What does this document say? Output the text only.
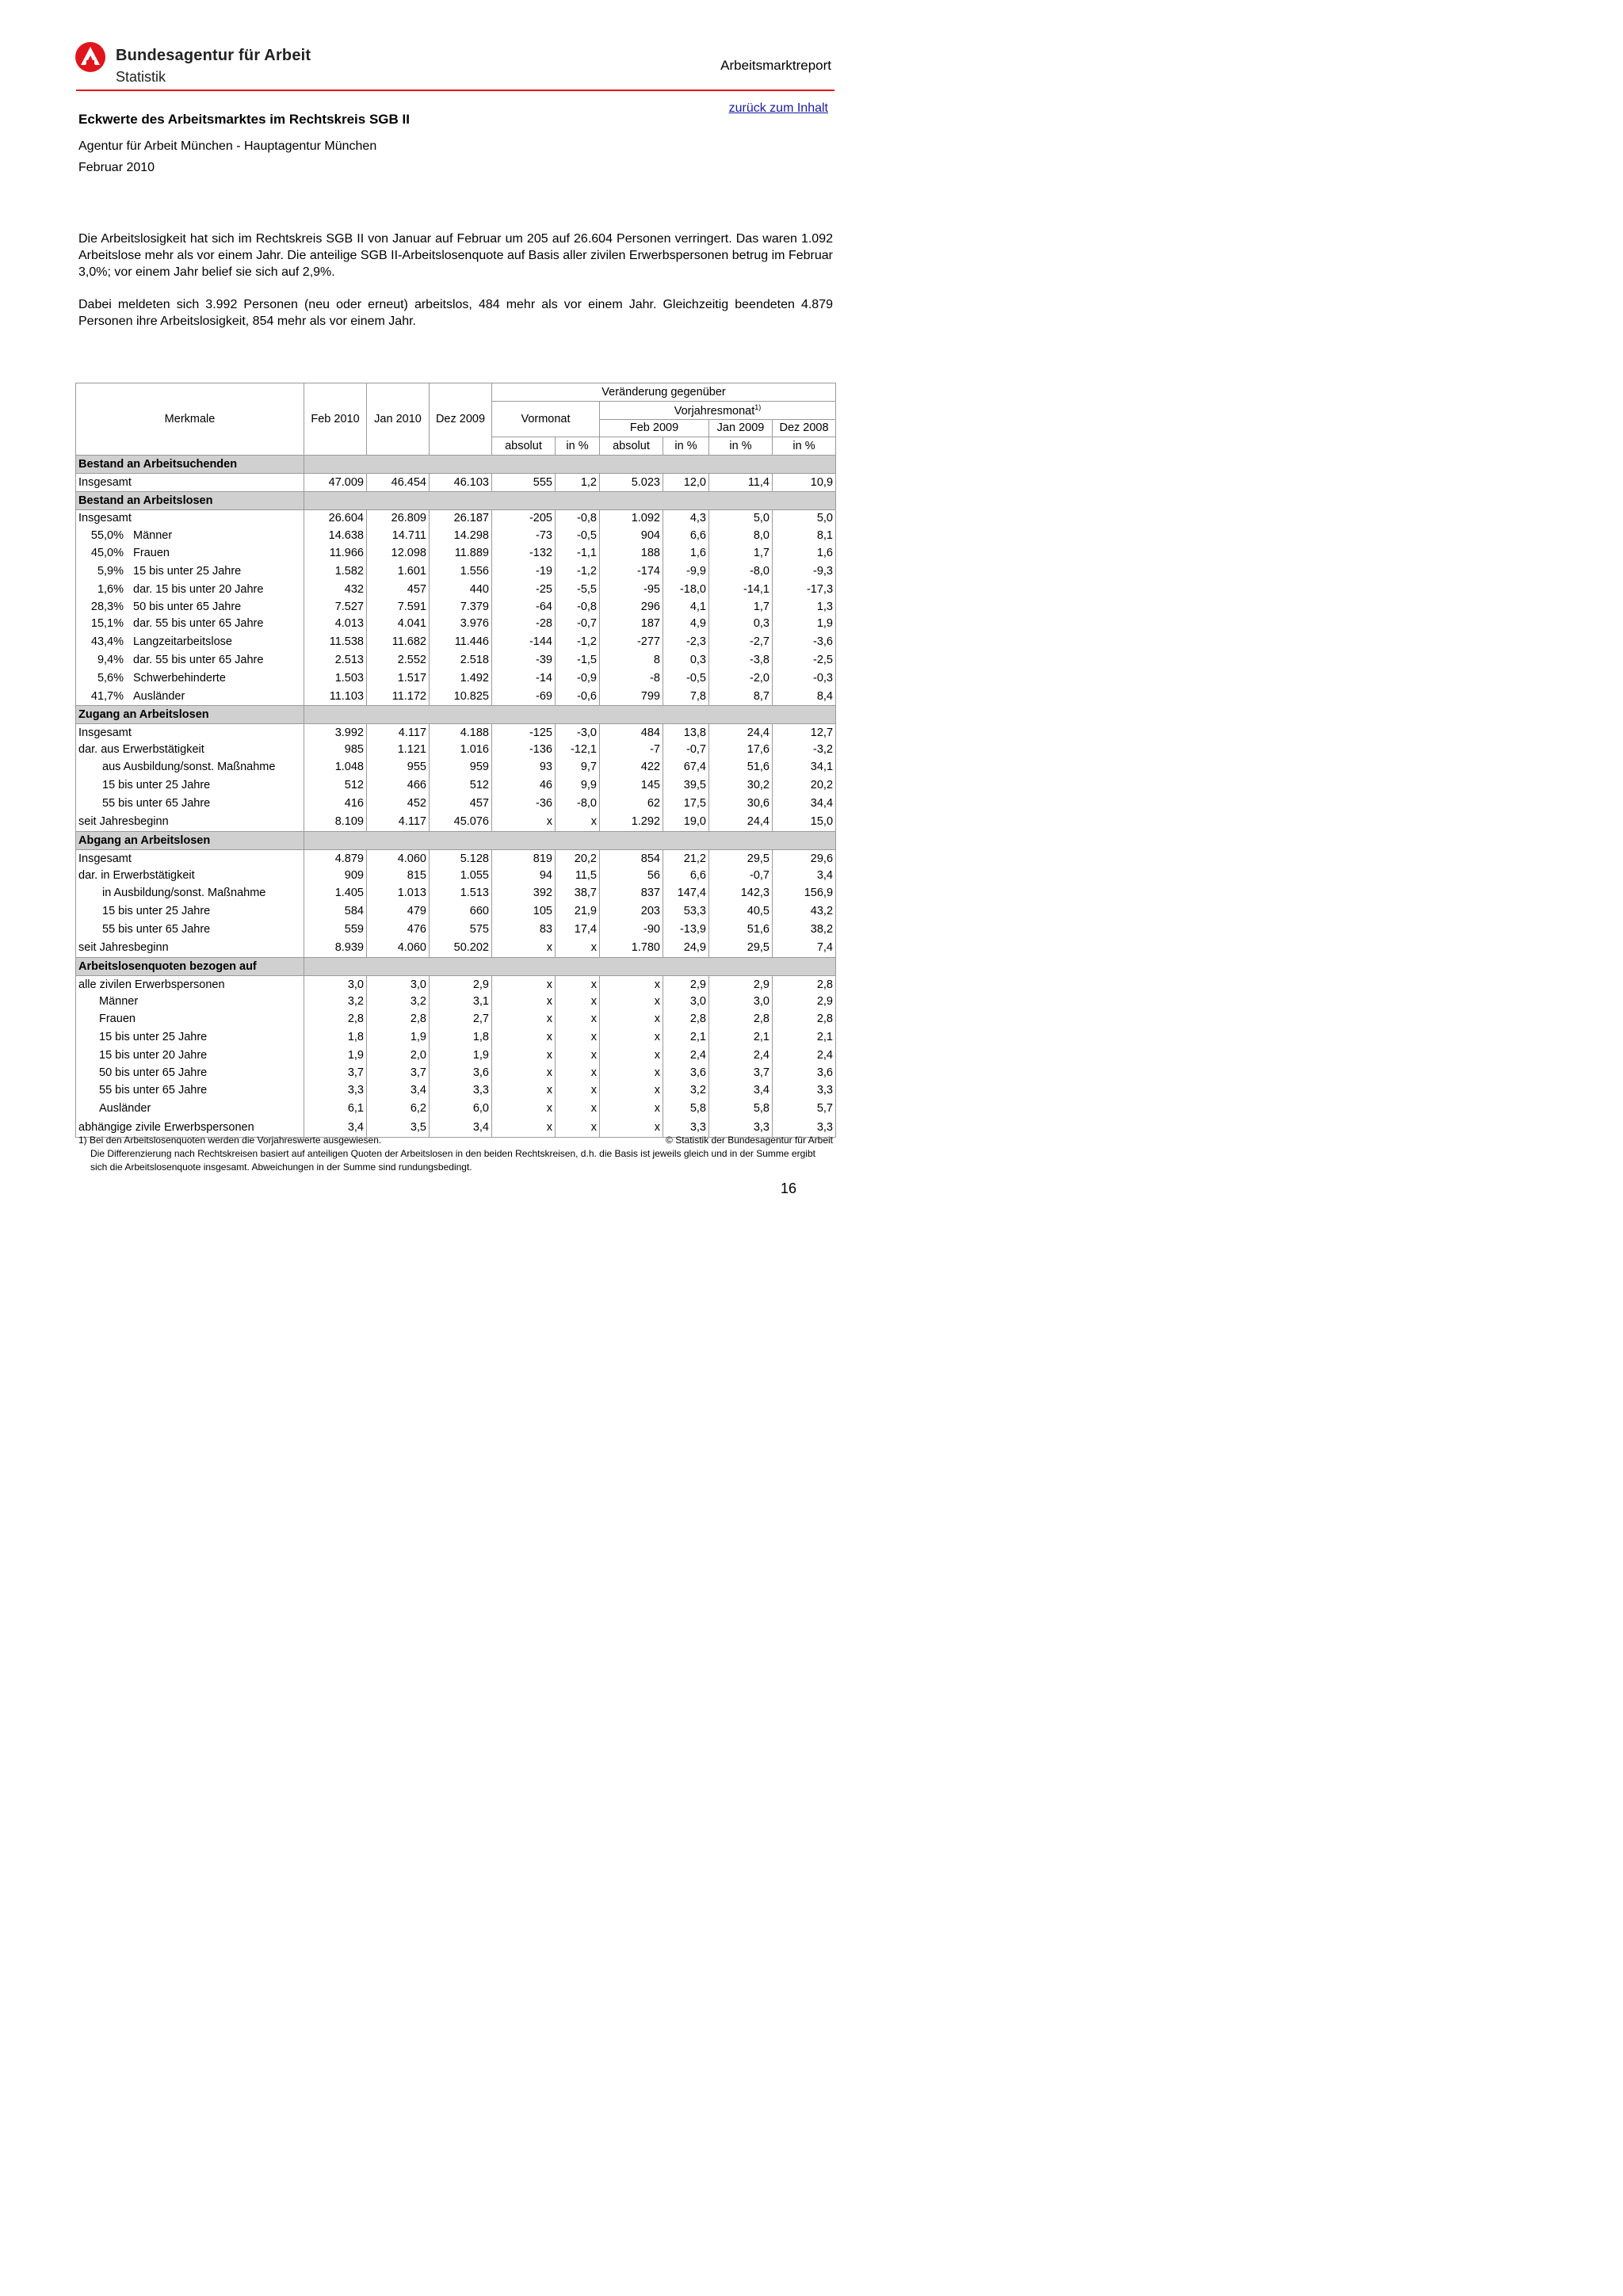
Bundesagentur für Arbeit
Statistik
Arbeitsmarktreport
zurück zum Inhalt
Eckwerte des Arbeitsmarktes im Rechtskreis SGB II
Agentur für Arbeit München - Hauptagentur München
Februar 2010
Die Arbeitslosigkeit hat sich im Rechtskreis SGB II von Januar auf Februar um 205 auf 26.604 Personen verringert. Das waren 1.092 Arbeitslose mehr als vor einem Jahr. Die anteilige SGB II-Arbeitslosenquote auf Basis aller zivilen Erwerbspersonen betrug im Februar 3,0%; vor einem Jahr belief sie sich auf 2,9%.
Dabei meldeten sich 3.992 Personen (neu oder erneut) arbeitslos, 484 mehr als vor einem Jahr. Gleichzeitig beendeten 4.879 Personen ihre Arbeitslosigkeit, 854 mehr als vor einem Jahr.
Merkmale	Feb 2010	Jan 2010	Dez 2009	Veränderung gegenüber					
				Vormonat		Vorjahresmonat$^{1)}$
						Feb 2009		Jan 2009	Dez 2008
				absolut	in %	absolut	in %	in %	in %
Bestand an Arbeitsuchenden									
Insgesamt	47.009	46.454	46.103	555	1,2	5.023	12,0	11,4	10,9
Bestand an Arbeitslosen									
Insgesamt	26.604	26.809	26.187	-205	-0,8	1.092	4,3	5,0	5,0
55,0% Männer	14.638	14.711	14.298	-73	-0,5	904	6,6	8,0	8,1
45,0% Frauen	11.966	12.098	11.889	-132	-1,1	188	1,6	1,7	1,6
5,9% 15 bis unter 25 Jahre	1.582	1.601	1.556	-19	-1,2	-174	-9,9	-8,0	-9,3
1,6% dar. 15 bis unter 20 Jahre	432	457	440	-25	-5,5	-95	-18,0	-14,1	-17,3
28,3% 50 bis unter 65 Jahre	7.527	7.591	7.379	-64	-0,8	296	4,1	1,7	1,3
15,1% dar. 55 bis unter 65 Jahre	4.013	4.041	3.976	-28	-0,7	187	4,9	0,3	1,9
43,4% Langzeitarbeitslose	11.538	11.682	11.446	-144	-1,2	-277	-2,3	-2,7	-3,6
9,4% dar. 55 bis unter 65 Jahre	2.513	2.552	2.518	-39	-1,5	8	0,3	-3,8	-2,5
5,6% Schwerbehinderte	1.503	1.517	1.492	-14	-0,9	-8	-0,5	-2,0	-0,3
41,7% Ausländer	11.103	11.172	10.825	-69	-0,6	799	7,8	8,7	8,4
Zugang an Arbeitslosen									
Insgesamt	3.992	4.117	4.188	-125	-3,0	484	13,8	24,4	12,7
dar. aus Erwerbstätigkeit	985	1.121	1.016	-136	-12,1	-7	-0,7	17,6	-3,2
aus Ausbildung/sonst. Maßnahme	1.048	955	959	93	9,7	422	67,4	51,6	34,1
15 bis unter 25 Jahre	512	466	512	46	9,9	145	39,5	30,2	20,2
55 bis unter 65 Jahre	416	452	457	-36	-8,0	62	17,5	30,6	34,4
seit Jahresbeginn	8.109	4.117	45.076	x	x	1.292	19,0	24,4	15,0
Abgang an Arbeitslosen									
Insgesamt	4.879	4.060	5.128	819	20,2	854	21,2	29,5	29,6
dar. in Erwerbstätigkeit	909	815	1.055	94	11,5	56	6,6	-0,7	3,4
in Ausbildung/sonst. Maßnahme	1.405	1.013	1.513	392	38,7	837	147,4	142,3	156,9
15 bis unter 25 Jahre	584	479	660	105	21,9	203	53,3	40,5	43,2
55 bis unter 65 Jahre	559	476	575	83	17,4	-90	-13,9	51,6	38,2
seit Jahresbeginn	8.939	4.060	50.202	x	x	1.780	24,9	29,5	7,4
Arbeitslosenquoten bezogen auf									
alle zivilen Erwerbspersonen	3,0	3,0	2,9	x	x	x	2,9	2,9	2,8
Männer	3,2	3,2	3,1	x	x	x	3,0	3,0	2,9
Frauen	2,8	2,8	2,7	x	x	x	2,8	2,8	2,8
15 bis unter 25 Jahre	1,8	1,9	1,8	x	x	x	2,1	2,1	2,1
15 bis unter 20 Jahre	1,9	2,0	1,9	x	x	x	2,4	2,4	2,4
50 bis unter 65 Jahre	3,7	3,7	3,6	x	x	x	3,6	3,7	3,6
55 bis unter 65 Jahre	3,3	3,4	3,3	x	x	x	3,2	3,4	3,3
Ausländer	6,1	6,2	6,0	x	x	x	5,8	5,8	5,7
abhängige zivile Erwerbspersonen	3,4	3,5	3,4	x	x	x	3,3	3,3	3,3
1) Bei den Arbeitslosenquoten werden die Vorjahreswerte ausgewiesen.	© Statistik der Bundesagentur für Arbeit
Die Differenzierung nach Rechtskreisen basiert auf anteiligen Quoten der Arbeitslosen in den beiden Rechtskreisen, d.h. die Basis ist jeweils gleich und in der Summe ergibt sich die Arbeitslosenquote insgesamt. Abweichungen in der Summe sind rundungsbedingt.
16
